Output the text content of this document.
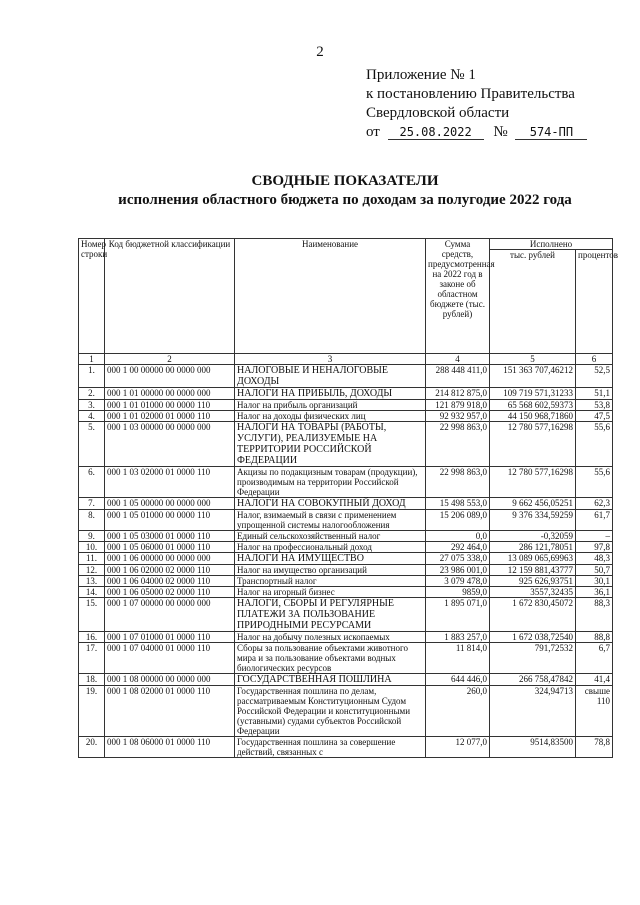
2
Приложение № 1
к постановлению Правительства
Свердловской области
от 25.08.2022 № 574-ПП
СВОДНЫЕ ПОКАЗАТЕЛИ
исполнения областного бюджета по доходам за полугодие 2022 года
Номер строки	Код бюджетной классификации	Наименование	Сумма средств, предусмотренная на 2022 год в законе об областном бюджете (тыс. рублей)	Исполнено	
				тыс. рублей	процентов
1	2	3	4	5	6
1.	000 1 00 00000 00 0000 000	НАЛОГОВЫЕ И НЕНАЛОГОВЫЕ ДОХОДЫ	288 448 411,0	151 363 707,46212	52,5
2.	000 1 01 00000 00 0000 000	НАЛОГИ НА ПРИБЫЛЬ, ДОХОДЫ	214 812 875,0	109 719 571,31233	51,1
3.	000 1 01 01000 00 0000 110	Налог на прибыль организаций	121 879 918,0	65 568 602,59373	53,8
4.	000 1 01 02000 01 0000 110	Налог на доходы физических лиц	92 932 957,0	44 150 968,71860	47,5
5.	000 1 03 00000 00 0000 000	НАЛОГИ НА ТОВАРЫ (РАБОТЫ, УСЛУГИ), РЕАЛИЗУЕМЫЕ НА ТЕРРИТОРИИ РОССИЙСКОЙ ФЕДЕРАЦИИ	22 998 863,0	12 780 577,16298	55,6
6.	000 1 03 02000 01 0000 110	Акцизы по подакцизным товарам (продукции), производимым на территории Российской Федерации	22 998 863,0	12 780 577,16298	55,6
7.	000 1 05 00000 00 0000 000	НАЛОГИ НА СОВОКУПНЫЙ ДОХОД	15 498 553,0	9 662 456,05251	62,3
8.	000 1 05 01000 00 0000 110	Налог, взимаемый в связи с применением упрощенной системы налогообложения	15 206 089,0	9 376 334,59259	61,7
9.	000 1 05 03000 01 0000 110	Единый сельскохозяйственный налог	0,0	-0,32059	–
10.	000 1 05 06000 01 0000 110	Налог на профессиональный доход	292 464,0	286 121,78051	97,8
11.	000 1 06 00000 00 0000 000	НАЛОГИ НА ИМУЩЕСТВО	27 075 338,0	13 089 065,69963	48,3
12.	000 1 06 02000 02 0000 110	Налог на имущество организаций	23 986 001,0	12 159 881,43777	50,7
13.	000 1 06 04000 02 0000 110	Транспортный налог	3 079 478,0	925 626,93751	30,1
14.	000 1 06 05000 02 0000 110	Налог на игорный бизнес	9859,0	3557,32435	36,1
15.	000 1 07 00000 00 0000 000	НАЛОГИ, СБОРЫ И РЕГУЛЯРНЫЕ ПЛАТЕЖИ ЗА ПОЛЬЗОВАНИЕ ПРИРОДНЫМИ РЕСУРСАМИ	1 895 071,0	1 672 830,45072	88,3
16.	000 1 07 01000 01 0000 110	Налог на добычу полезных ископаемых	1 883 257,0	1 672 038,72540	88,8
17.	000 1 07 04000 01 0000 110	Сборы за пользование объектами животного мира и за пользование объектами водных биологических ресурсов	11 814,0	791,72532	6,7
18.	000 1 08 00000 00 0000 000	ГОСУДАРСТВЕННАЯ ПОШЛИНА	644 446,0	266 758,47842	41,4
19.	000 1 08 02000 01 0000 110	Государственная пошлина по делам, рассматриваемым Конституционным Судом Российской Федерации и конституционными (уставными) судами субъектов Российской Федерации	260,0	324,94713	свыше 110
20.	000 1 08 06000 01 0000 110	Государственная пошлина за совершение действий, связанных с	12 077,0	9514,83500	78,8
